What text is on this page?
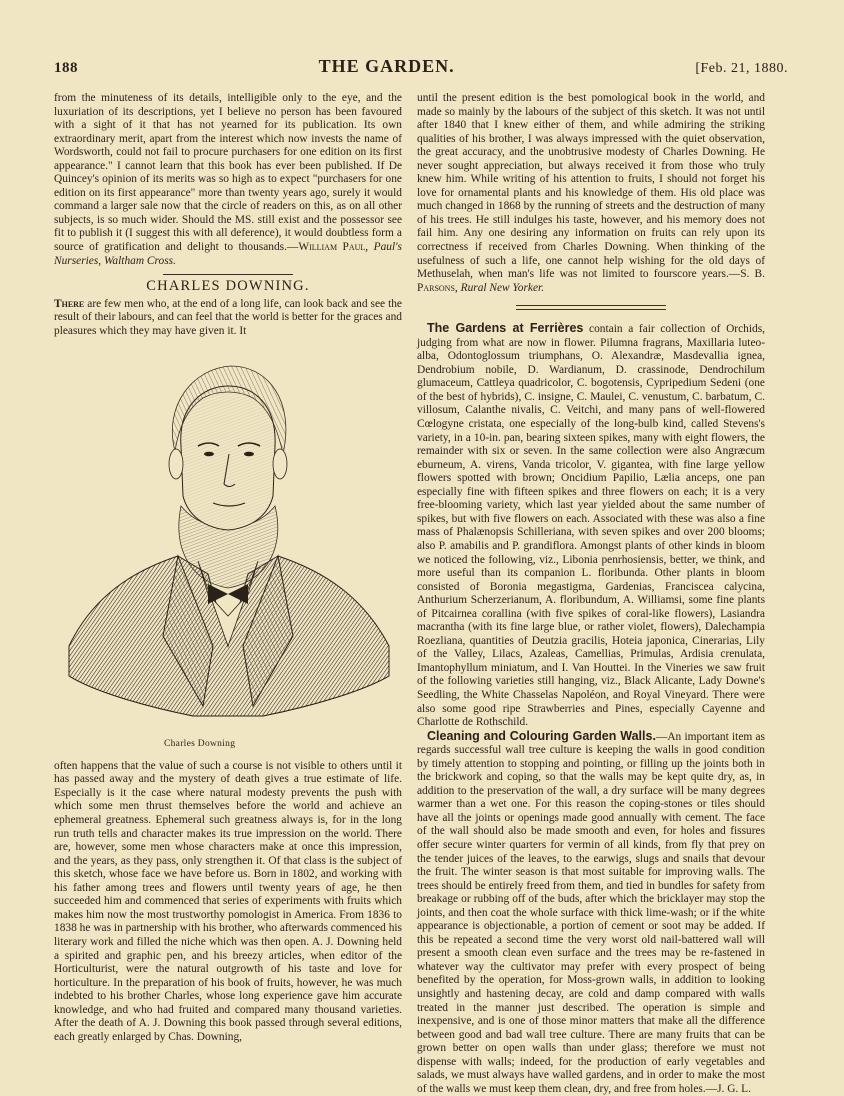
188	THE GARDEN.	[Feb. 21, 1880.

from the minuteness of its details, intelligible only to the eye, and the luxuriation of its descriptions, yet I believe no person has been favoured with a sight of it that has not yearned for its publication. Its own extraordinary merit, apart from the interest which now invests the name of Wordsworth, could not fail to procure purchasers for one edition on its first appearance." I cannot learn that this book has ever been published. If De Quincey's opinion of its merits was so high as to expect "purchasers for one edition on its first appearance" more than twenty years ago, surely it would command a larger sale now that the circle of readers on this, as on all other subjects, is so much wider. Should the MS. still exist and the possessor see fit to publish it (I suggest this with all deference), it would doubtless form a source of gratification and delight to thousands.—William Paul, Paul's Nurseries, Waltham Cross.

CHARLES DOWNING.

There are few men who, at the end of a long life, can look back and see the result of their labours, and can feel that the world is better for the graces and pleasures which they may have given it. It

Charles Downing

often happens that the value of such a course is not visible to others until it has passed away and the mystery of death gives a true estimate of life. Especially is it the case where natural modesty prevents the push with which some men thrust themselves before the world and achieve an ephemeral greatness. Ephemeral such greatness always is, for in the long run truth tells and character makes its true impression on the world. There are, however, some men whose characters make at once this impression, and the years, as they pass, only strengthen it. Of that class is the subject of this sketch, whose face we have before us. Born in 1802, and working with his father among trees and flowers until twenty years of age, he then succeeded him and commenced that series of experiments with fruits which makes him now the most trustworthy pomologist in America. From 1836 to 1838 he was in partnership with his brother, who afterwards commenced his literary work and filled the niche which was then open. A. J. Downing held a spirited and graphic pen, and his breezy articles, when editor of the Horticulturist, were the natural outgrowth of his taste and love for horticulture. In the preparation of his book of fruits, however, he was much indebted to his brother Charles, whose long experience gave him accurate knowledge, and who had fruited and compared many thousand varieties. After the death of A. J. Downing this book passed through several editions, each greatly enlarged by Chas. Downing,

until the present edition is the best pomological book in the world, and made so mainly by the labours of the subject of this sketch. It was not until after 1840 that I knew either of them, and while admiring the striking qualities of his brother, I was always impressed with the quiet observation, the great accuracy, and the unobtrusive modesty of Charles Downing. He never sought appreciation, but always received it from those who truly knew him. While writing of his attention to fruits, I should not forget his love for ornamental plants and his knowledge of them. His old place was much changed in 1868 by the running of streets and the destruction of many of his trees. He still indulges his taste, however, and his memory does not fail him. Any one desiring any information on fruits can rely upon its correctness if received from Charles Downing. When thinking of the usefulness of such a life, one cannot help wishing for the old days of Methuselah, when man's life was not limited to fourscore years.—S. B. Parsons, Rural New Yorker.

The Gardens at Ferrières contain a fair collection of Orchids, judging from what are now in flower. Pilumna fragrans, Maxillaria luteo-alba, Odontoglossum triumphans, O. Alexandræ, Masdevallia ignea, Dendrobium nobile, D. Wardianum, D. crassinode, Dendrochilum glumaceum, Cattleya quadricolor, C. bogotensis, Cypripedium Sedeni (one of the best of hybrids), C. insigne, C. Maulei, C. venustum, C. barbatum, C. villosum, Calanthe nivalis, C. Veitchi, and many pans of well-flowered Cœlogyne cristata, one especially of the long-bulb kind, called Stevens's variety, in a 10-in. pan, bearing sixteen spikes, many with eight flowers, the remainder with six or seven. In the same collection were also Angræcum eburneum, A. virens, Vanda tricolor, V. gigantea, with fine large yellow flowers spotted with brown; Oncidium Papilio, Lælia anceps, one pan especially fine with fifteen spikes and three flowers on each; it is a very free-blooming variety, which last year yielded about the same number of spikes, but with five flowers on each. Associated with these was also a fine mass of Phalænopsis Schilleriana, with seven spikes and over 200 blooms; also P. amabilis and P. grandiflora. Amongst plants of other kinds in bloom we noticed the following, viz., Libonia penrhosiensis, better, we think, and more useful than its companion L. floribunda. Other plants in bloom consisted of Boronia megastigma, Gardenias, Franciscea calycina, Anthurium Scherzerianum, A. floribundum, A. Williamsi, some fine plants of Pitcairnea corallina (with five spikes of coral-like flowers), Lasiandra macrantha (with its fine large blue, or rather violet, flowers), Dalechampia Roezliana, quantities of Deutzia gracilis, Hoteia japonica, Cinerarias, Lily of the Valley, Lilacs, Azaleas, Camellias, Primulas, Ardisia crenulata, Imantophyllum miniatum, and I. Van Houttei. In the Vineries we saw fruit of the following varieties still hanging, viz., Black Alicante, Lady Downe's Seedling, the White Chasselas Napoléon, and Royal Vineyard. There were also some good ripe Strawberries and Pines, especially Cayenne and Charlotte de Rothschild.

Cleaning and Colouring Garden Walls.—An important item as regards successful wall tree culture is keeping the walls in good condition by timely attention to stopping and pointing, or filling up the joints both in the brickwork and coping, so that the walls may be kept quite dry, as, in addition to the preservation of the wall, a dry surface will be many degrees warmer than a wet one. For this reason the coping-stones or tiles should have all the joints or openings made good annually with cement. The face of the wall should also be made smooth and even, for holes and fissures offer secure winter quarters for vermin of all kinds, from fly that prey on the tender juices of the leaves, to the earwigs, slugs and snails that devour the fruit. The winter season is that most suitable for improving walls. The trees should be entirely freed from them, and tied in bundles for safety from breakage or rubbing off of the buds, after which the bricklayer may stop the joints, and then coat the whole surface with thick lime-wash; or if the white appearance is objectionable, a portion of cement or soot may be added. If this be repeated a second time the very worst old nail-battered wall will present a smooth clean even surface and the trees may be re-fastened in whatever way the cultivator may prefer with every prospect of being benefited by the operation, for Moss-grown walls, in addition to looking unsightly and hastening decay, are cold and damp compared with walls treated in the manner just described. The operation is simple and inexpensive, and is one of those minor matters that make all the difference between good and bad wall tree culture. There are many fruits that can be grown better on open walls than under glass; therefore we must not dispense with walls; indeed, for the production of early vegetables and salads, we must always have walled gardens, and in order to make the most of the walls we must keep them clean, dry, and free from holes.—J. G. L.
